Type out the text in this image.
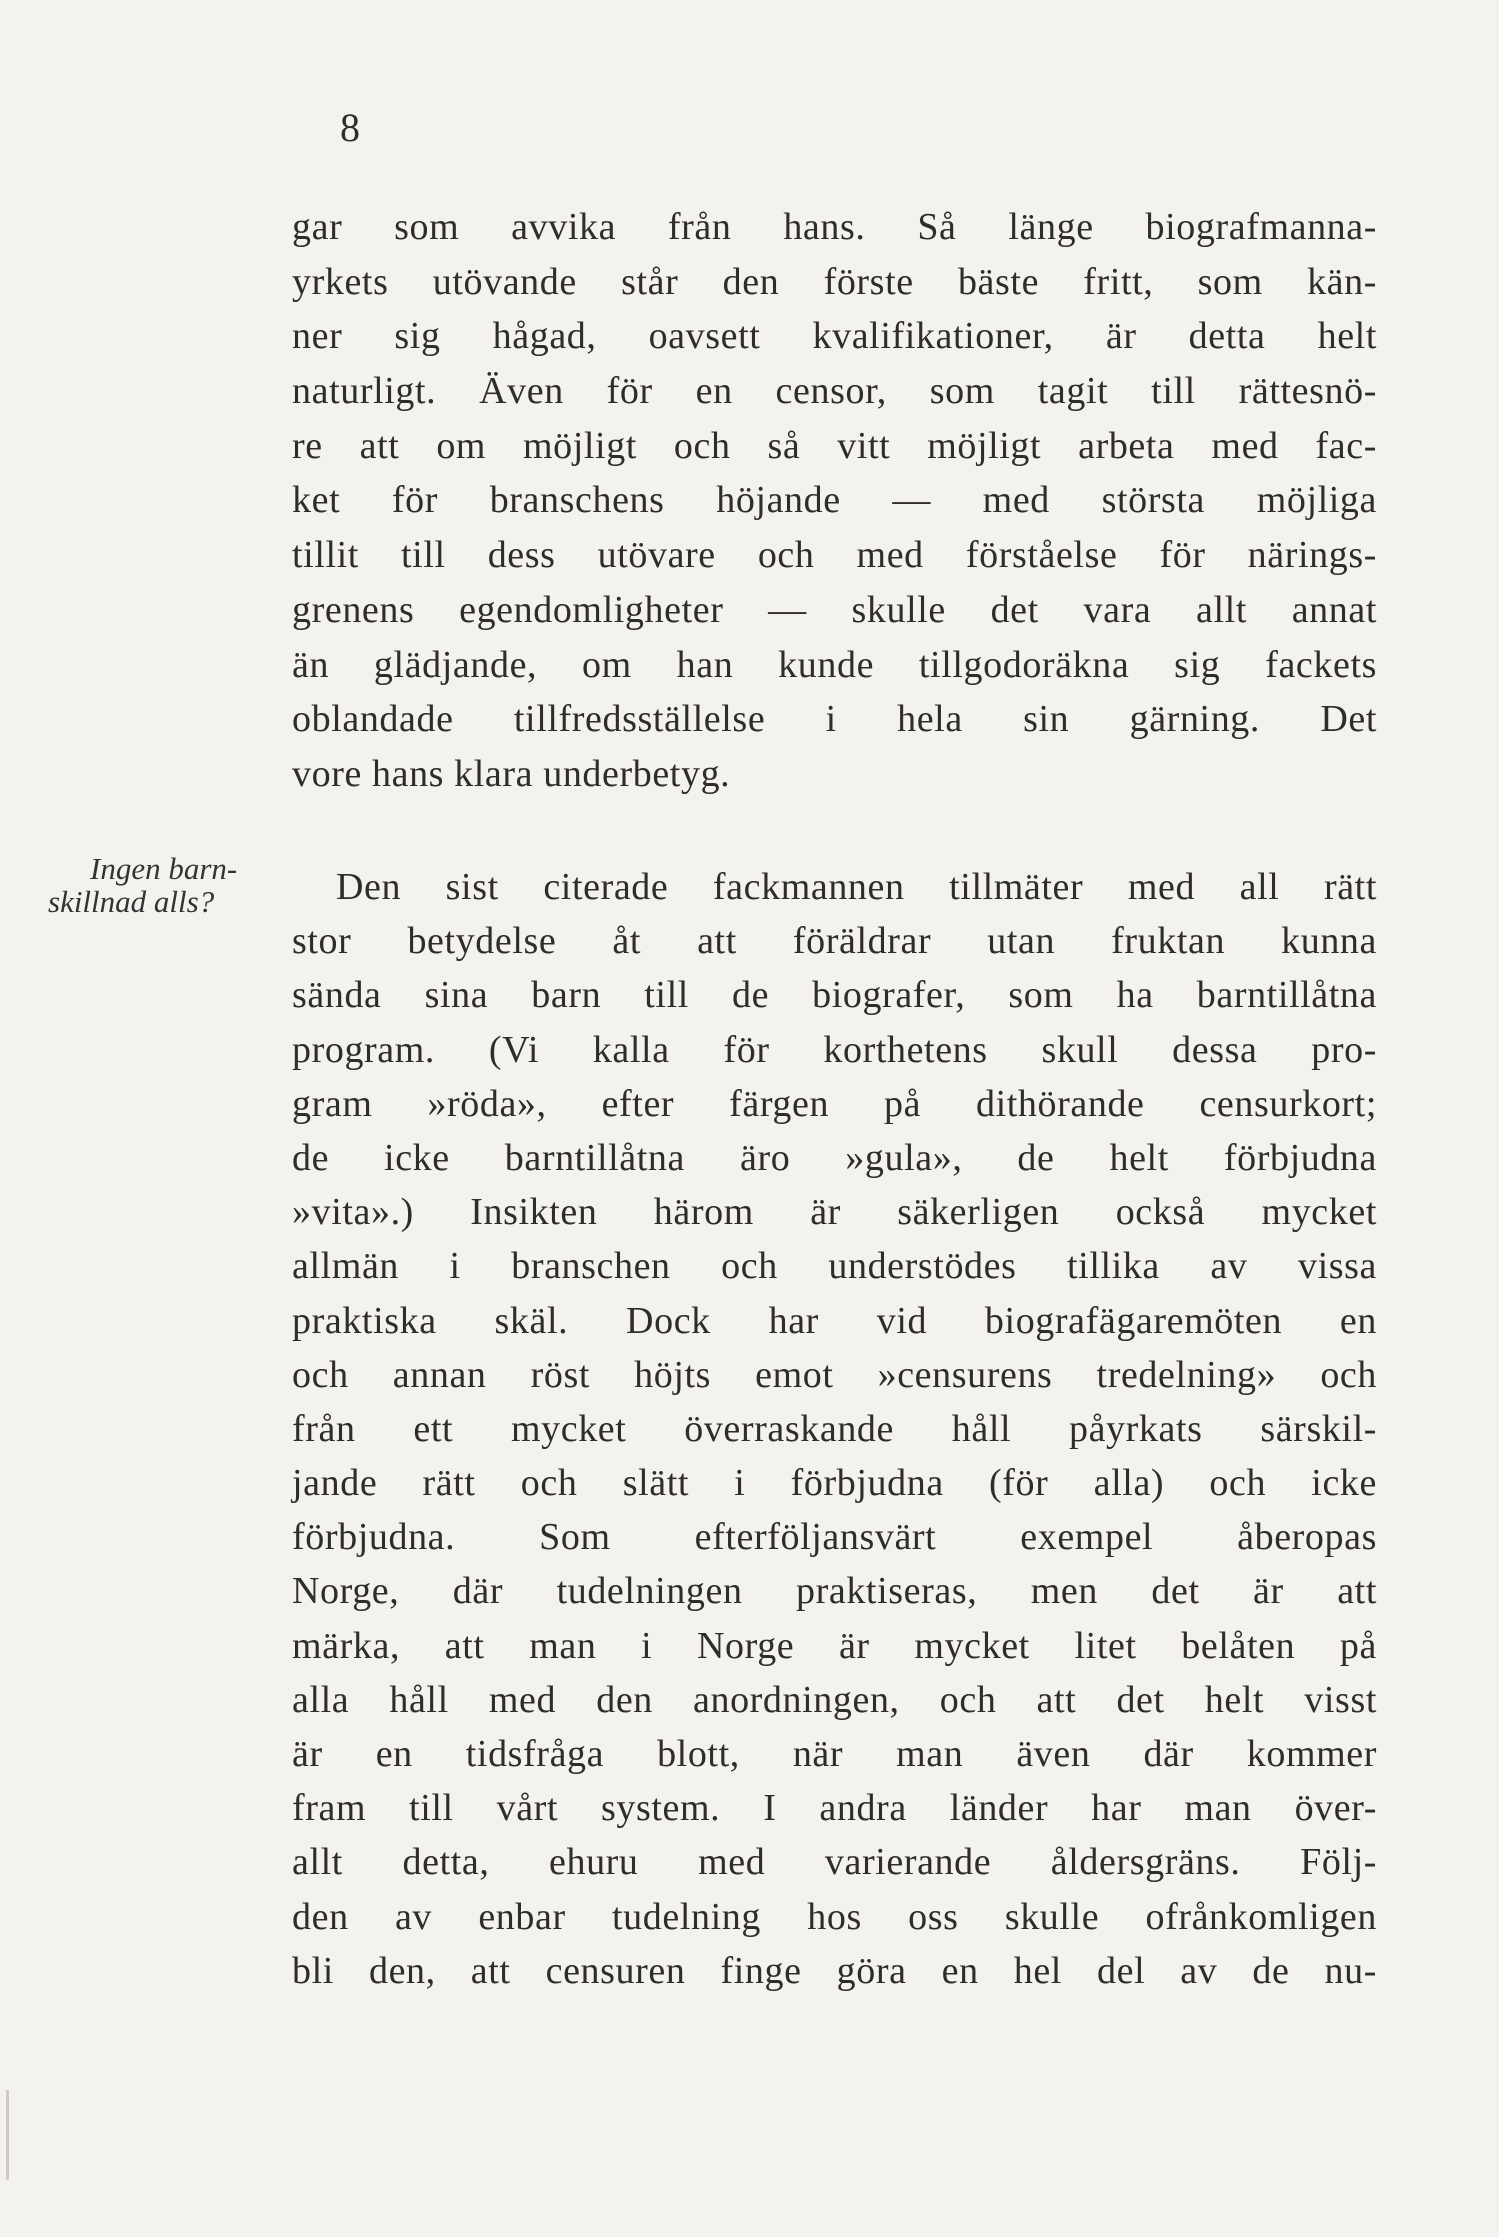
8
gar som avvika från hans. Så länge biografmanna-
yrkets utövande står den förste bäste fritt, som kän-
ner sig hågad, oavsett kvalifikationer, är detta helt
naturligt. Även för en censor, som tagit till rättesnö-
re att om möjligt och så vitt möjligt arbeta med fac-
ket för branschens höjande — med största möjliga
tillit till dess utövare och med förståelse för närings-
grenens egendomligheter — skulle det vara allt annat
än glädjande, om han kunde tillgodoräkna sig fackets
oblandade tillfredsställelse i hela sin gärning. Det
vore hans klara underbetyg.
Ingen barn-
skillnad alls?	Den sist citerade fackmannen tillmäter med all rätt
stor betydelse åt att föräldrar utan fruktan kunna
sända sina barn till de biografer, som ha barntillåtna
program. (Vi kalla för korthetens skull dessa pro-
gram »röda», efter färgen på dithörande censurkort;
de icke barntillåtna äro »gula», de helt förbjudna
»vita».) Insikten härom är säkerligen också mycket
allmän i branschen och understödes tillika av vissa
praktiska skäl. Dock har vid biografägaremöten en
och annan röst höjts emot »censurens tredelning» och
från ett mycket överraskande håll påyrkats särskil-
jande rätt och slätt i förbjudna (för alla) och icke
förbjudna. Som efterföljansvärt exempel åberopas
Norge, där tudelningen praktiseras, men det är att
märka, att man i Norge är mycket litet belåten på
alla håll med den anordningen, och att det helt visst
är en tidsfråga blott, när man även där kommer
fram till vårt system. I andra länder har man över-
allt detta, ehuru med varierande åldersgräns. Följ-
den av enbar tudelning hos oss skulle ofrånkomligen
bli den, att censuren finge göra en hel del av de nu-
